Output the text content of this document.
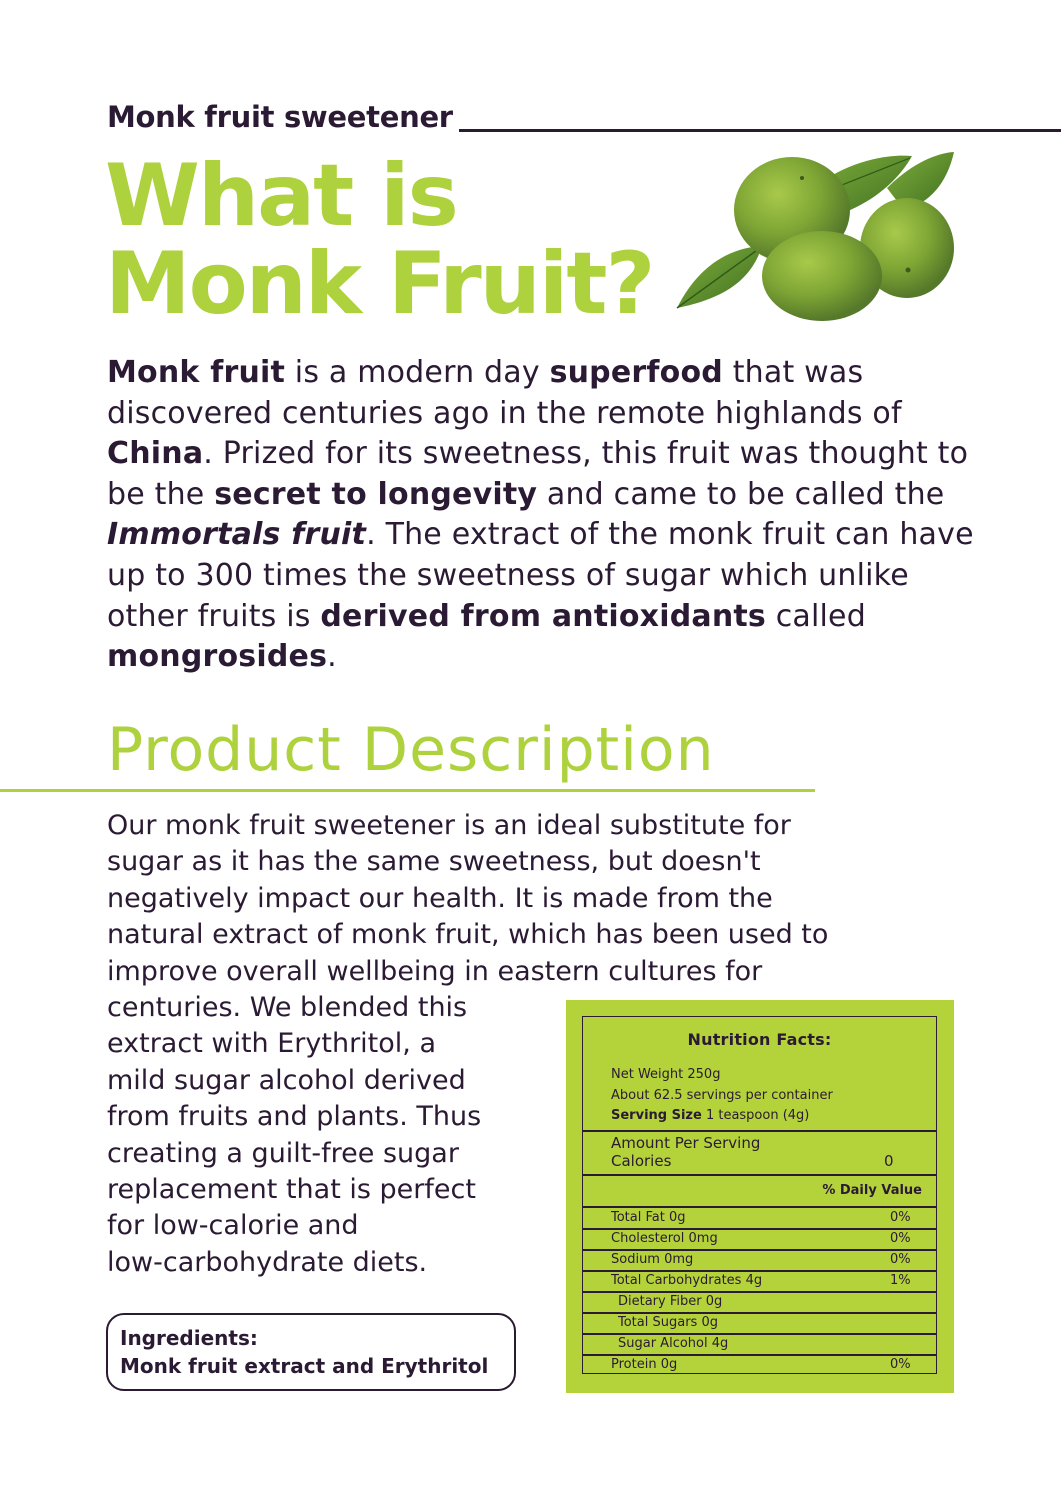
Monk fruit sweetener
What is
Monk Fruit?

Monk fruit is a modern day superfood that was discovered centuries ago in the remote highlands of China. Prized for its sweetness, this fruit was thought to be the secret to longevity and came to be called the Immortals fruit. The extract of the monk fruit can have up to 300 times the sweetness of sugar which unlike other fruits is derived from antioxidants called mongrosides.

Product Description
Our monk fruit sweetener is an ideal substitute for
sugar as it has the same sweetness, but doesn't
negatively impact our health. It is made from the
natural extract of monk fruit, which has been used to
improve overall wellbeing in eastern cultures for
centuries. We blended this
extract with Erythritol, a
mild sugar alcohol derived
from fruits and plants. Thus
creating a guilt-free sugar
replacement that is perfect
for low-calorie and
low-carbohydrate diets.
Ingredients:
Monk fruit extract and Erythritol
Nutrition Facts:
Net Weight 250g
About 62.5 servings per container
Serving Size 1 teaspoon (4g)
Amount Per Serving
Calories	0
% Daily Value
Total Fat 0g	0%
Cholesterol 0mg	0%
Sodium 0mg	0%
Total Carbohydrates 4g	1%
Dietary Fiber 0g
Total Sugars 0g
Sugar Alcohol 4g
Protein 0g	0%
